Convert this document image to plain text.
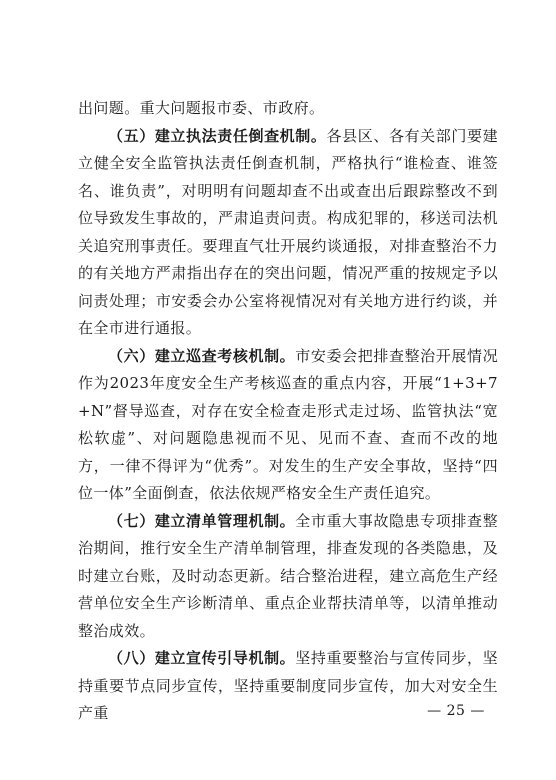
出问题。重大问题报市委、市政府。

（五）建立执法责任倒查机制。各县区、各有关部门要建立健全安全监管执法责任倒查机制，严格执行“谁检查、谁签名、谁负责”，对明明有问题却查不出或查出后跟踪整改不到位导致发生事故的，严肃追责问责。构成犯罪的，移送司法机关追究刑事责任。要理直气壮开展约谈通报，对排查整治不力的有关地方严肃指出存在的突出问题，情况严重的按规定予以问责处理；市安委会办公室将视情况对有关地方进行约谈，并在全市进行通报。

（六）建立巡查考核机制。市安委会把排查整治开展情况作为2023年度安全生产考核巡查的重点内容，开展“1+3+7+N”督导巡查，对存在安全检查走形式走过场、监管执法“宽松软虚”、对问题隐患视而不见、见而不查、查而不改的地方，一律不得评为“优秀”。对发生的生产安全事故，坚持“四位一体”全面倒查，依法依规严格安全生产责任追究。

（七）建立清单管理机制。全市重大事故隐患专项排查整治期间，推行安全生产清单制管理，排查发现的各类隐患，及时建立台账，及时动态更新。结合整治进程，建立高危生产经营单位安全生产诊断清单、重点企业帮扶清单等，以清单推动整治成效。

（八）建立宣传引导机制。坚持重要整治与宣传同步，坚持重要节点同步宣传，坚持重要制度同步宣传，加大对安全生产重	— 25 —
